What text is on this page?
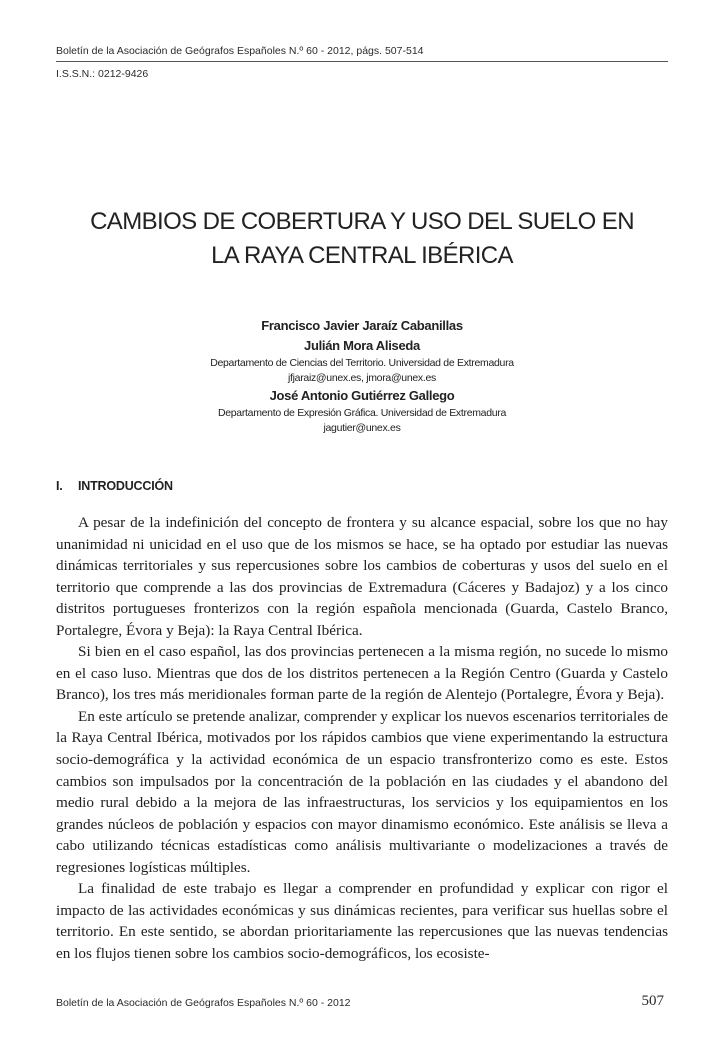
Boletín de la Asociación de Geógrafos Españoles N.º 60 - 2012, págs. 507-514
I.S.S.N.: 0212-9426
CAMBIOS DE COBERTURA Y USO DEL SUELO EN
LA RAYA CENTRAL IBÉRICA
Francisco Javier Jaraíz Cabanillas
Julián Mora Aliseda
Departamento de Ciencias del Territorio. Universidad de Extremadura
jfjaraiz@unex.es, jmora@unex.es
José Antonio Gutiérrez Gallego
Departamento de Expresión Gráfica. Universidad de Extremadura
jagutier@unex.es
I. INTRODUCCIÓN

A pesar de la indefinición del concepto de frontera y su alcance espacial, sobre los que no hay unanimidad ni unicidad en el uso que de los mismos se hace, se ha optado por estudiar las nuevas dinámicas territoriales y sus repercusiones sobre los cambios de coberturas y usos del suelo en el territorio que comprende a las dos provincias de Extremadura (Cáceres y Badajoz) y a los cinco distritos portugueses fronterizos con la región española mencionada (Guarda, Castelo Branco, Portalegre, Évora y Beja): la Raya Central Ibérica.

Si bien en el caso español, las dos provincias pertenecen a la misma región, no sucede lo mismo en el caso luso. Mientras que dos de los distritos pertenecen a la Región Centro (Guarda y Castelo Branco), los tres más meridionales forman parte de la región de Alentejo (Portalegre, Évora y Beja).

En este artículo se pretende analizar, comprender y explicar los nuevos escenarios territoriales de la Raya Central Ibérica, motivados por los rápidos cambios que viene experimentando la estructura socio-demográfica y la actividad económica de un espacio transfronterizo como es este. Estos cambios son impulsados por la concentración de la población en las ciudades y el abandono del medio rural debido a la mejora de las infraestructuras, los servicios y los equipamientos en los grandes núcleos de población y espacios con mayor dinamismo económico. Este análisis se lleva a cabo utilizando técnicas estadísticas como análisis multivariante o modelizaciones a través de regresiones logísticas múltiples.

La finalidad de este trabajo es llegar a comprender en profundidad y explicar con rigor el impacto de las actividades económicas y sus dinámicas recientes, para verificar sus huellas sobre el territorio. En este sentido, se abordan prioritariamente las repercusiones que las nuevas tendencias en los flujos tienen sobre los cambios socio-demográficos, los ecosiste-

Boletín de la Asociación de Geógrafos Españoles N.º 60 - 2012	507
